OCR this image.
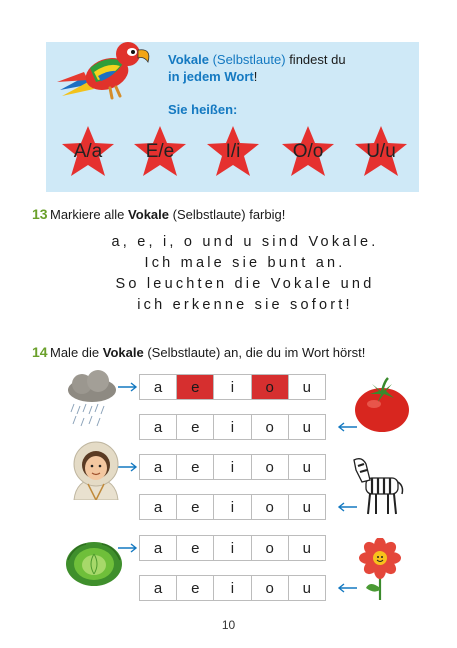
Vokale (Selbstlaute) findest du
in jedem Wort!
Sie heißen:
A/a	E/e	I/i	O/o	U/u
13 Markiere alle Vokale (Selbstlaute) farbig!
a, e, i, o und u sind Vokale.
Ich male sie bunt an.
So leuchten die Vokale und
ich erkenne sie sofort!
14 Male die Vokale (Selbstlaute) an, die du im Wort hörst!
a	e	i	o	u
a	e	i	o	u
a	e	i	o	u
a	e	i	o	u
a	e	i	o	u
a	e	i	o	u
10
